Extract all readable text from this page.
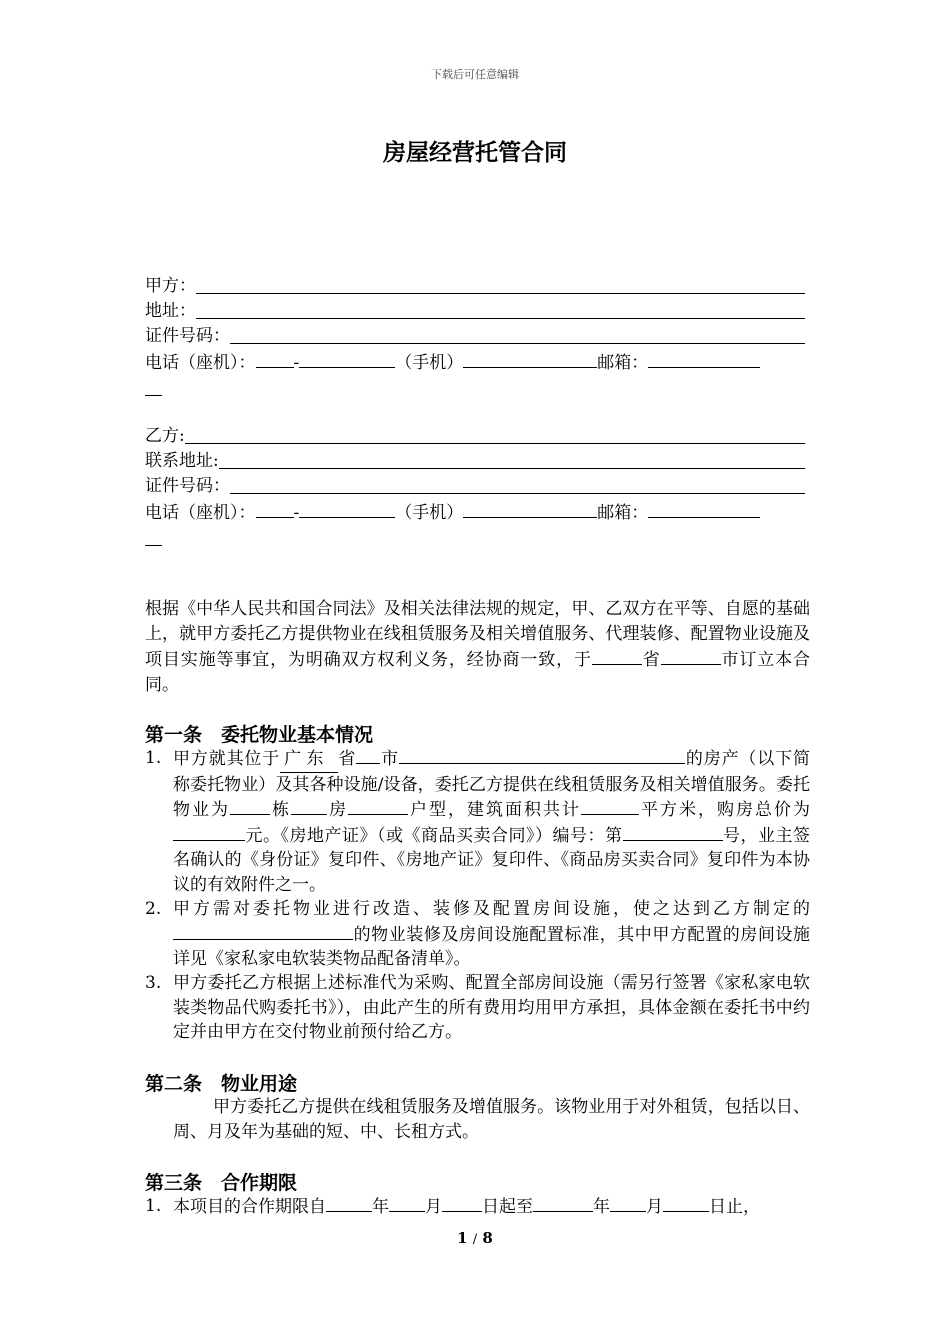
下载后可任意编辑
房屋经营托管合同
甲方：
地址：
证件号码：
电话（座机）： -	（手机）	邮箱：
乙方:
联系地址:
证件号码：
电话（座机）： -	（手机）	邮箱：
根据《中华人民共和国合同法》及相关法律法规的规定，甲、乙双方在平等、自愿的基础上，就甲方委托乙方提供物业在线租赁服务及相关增值服务、代理装修、配置物业设施及项目实施等事宜，为明确双方权利义务，经协商一致，于	省	市订立本合同。
第一条　委托物业基本情况
1. 甲方就其位于 广 东 省 市	的房产（以下简称委托物业）及其各种设施/设备，委托乙方提供在线租赁服务及相关增值服务。委托物业为 栋 房	户型，建筑面积共计	平方米，购房总价为元。《房地产证》（或《商品买卖合同》）编号：第	号，业主签名确认的《身份证》复印件、《房地产证》复印件、《商品房买卖合同》复印件为本协议的有效附件之一。
2. 甲方需对委托物业进行改造、装修及配置房间设施，使之达到乙方制定的的物业装修及房间设施配置标准，其中甲方配置的房间设施详见《家私家电软装类物品配备清单》。
3. 甲方委托乙方根据上述标准代为采购、配置全部房间设施（需另行签署《家私家电软装类物品代购委托书》），由此产生的所有费用均用甲方承担，具体金额在委托书中约定并由甲方在交付物业前预付给乙方。
第二条　物业用途
甲方委托乙方提供在线租赁服务及增值服务。该物业用于对外租赁，包括以日、周、月及年为基础的短、中、长租方式。
第三条　合作期限
1. 本项目的合作期限自	年 月 日起至	年 月	日止，
1 / 8
